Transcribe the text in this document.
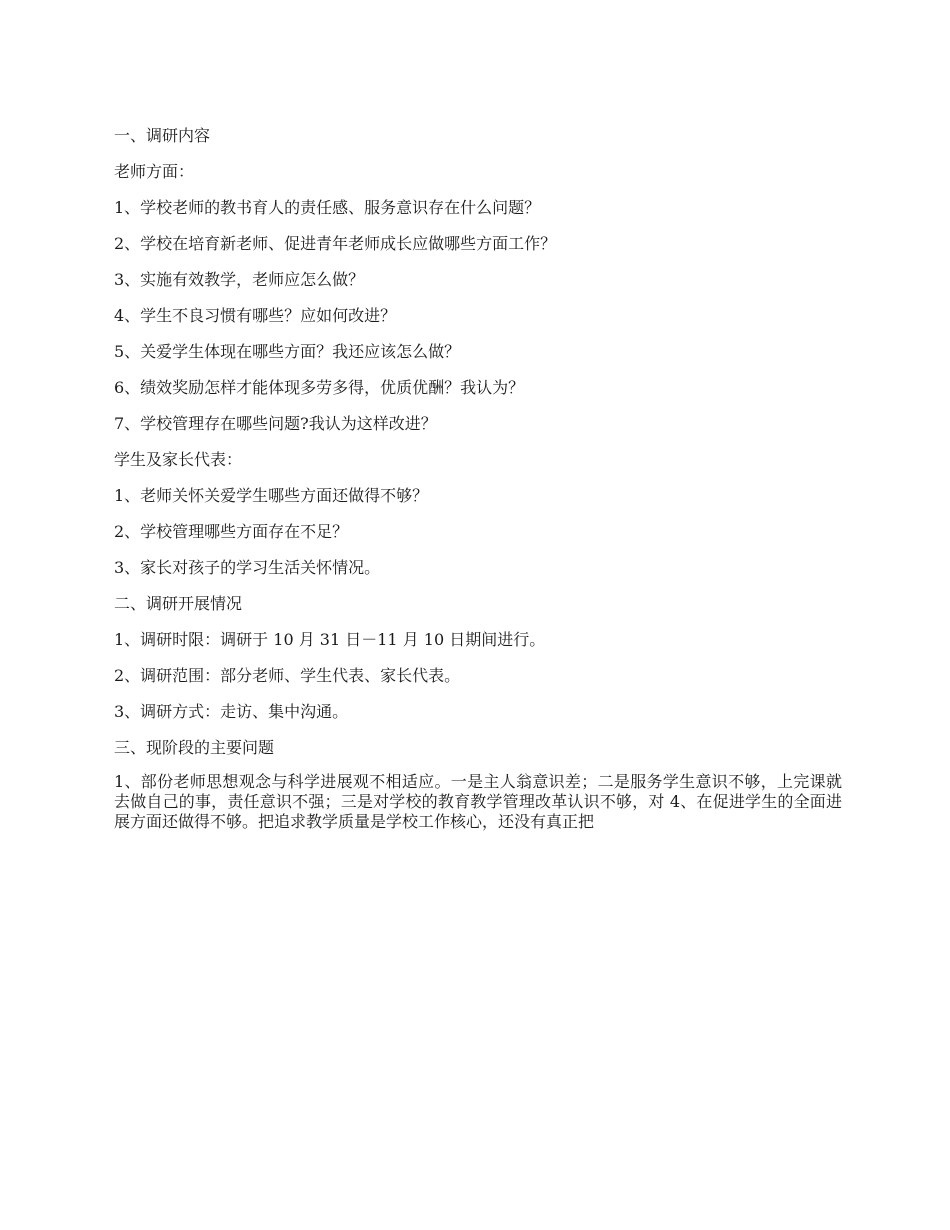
一、调研内容
老师方面：
1、学校老师的教书育人的责任感、服务意识存在什么问题？
2、学校在培育新老师、促进青年老师成长应做哪些方面工作？
3、实施有效教学，老师应怎么做？
4、学生不良习惯有哪些？应如何改进？
5、关爱学生体现在哪些方面？我还应该怎么做？
6、绩效奖励怎样才能体现多劳多得，优质优酬？我认为？
7、学校管理存在哪些问题?我认为这样改进？
学生及家长代表：
1、老师关怀关爱学生哪些方面还做得不够？
2、学校管理哪些方面存在不足？
3、家长对孩子的学习生活关怀情况。
二、调研开展情况
1、调研时限：调研于 10 月 31 日－11 月 10 日期间进行。
2、调研范围：部分老师、学生代表、家长代表。
3、调研方式：走访、集中沟通。
三、现阶段的主要问题

1、部份老师思想观念与科学进展观不相适应。一是主人翁意识差；二是服务学生意识不够，上完课就去做自己的事，责任意识不强；三是对学校的教育教学管理改革认识不够，对 4、在促进学生的全面进展方面还做得不够。把追求教学质量是学校工作核心，还没有真正把
